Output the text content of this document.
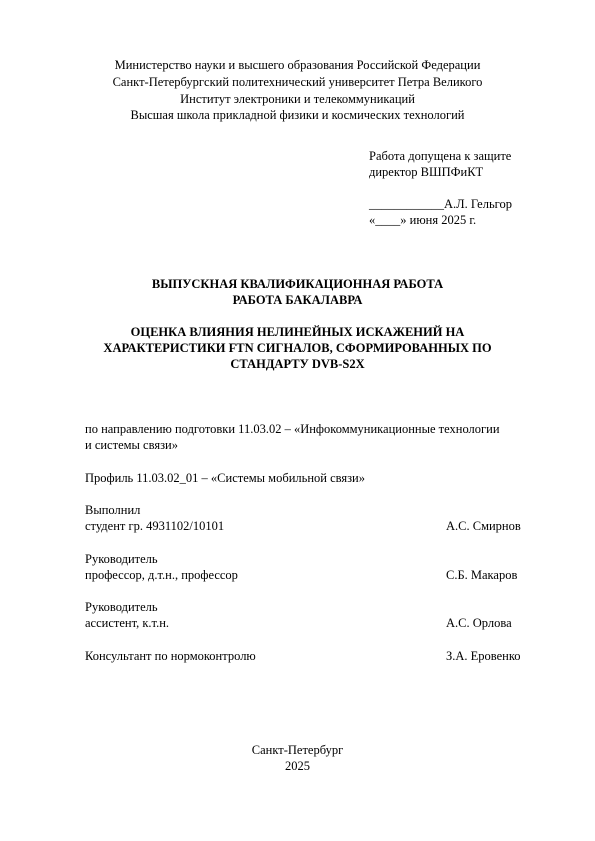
Министерство науки и высшего образования Российской Федерации
Санкт-Петербургский политехнический университет Петра Великого
Институт электроники и телекоммуникаций
Высшая школа прикладной физики и космических технологий
Работа допущена к защите
директор ВШПФиКТ
____________А.Л. Гельгор
«____» июня 2025 г.
ВЫПУСКНАЯ КВАЛИФИКАЦИОННАЯ РАБОТА
РАБОТА БАКАЛАВРА
ОЦЕНКА ВЛИЯНИЯ НЕЛИНЕЙНЫХ ИСКАЖЕНИЙ НА
ХАРАКТЕРИСТИКИ FTN СИГНАЛОВ, СФОРМИРОВАННЫХ ПО
СТАНДАРТУ DVB-S2X
по направлению подготовки 11.03.02 – «Инфокоммуникационные технологии
и системы связи»
Профиль 11.03.02_01 – «Системы мобильной связи»
Выполнил
студент гр. 4931102/10101	А.С. Смирнов
Руководитель
профессор, д.т.н., профессор	С.Б. Макаров
Руководитель
ассистент, к.т.н.	А.С. Орлова
Консультант по нормоконтролю	З.А. Еровенко
Санкт-Петербург
2025
